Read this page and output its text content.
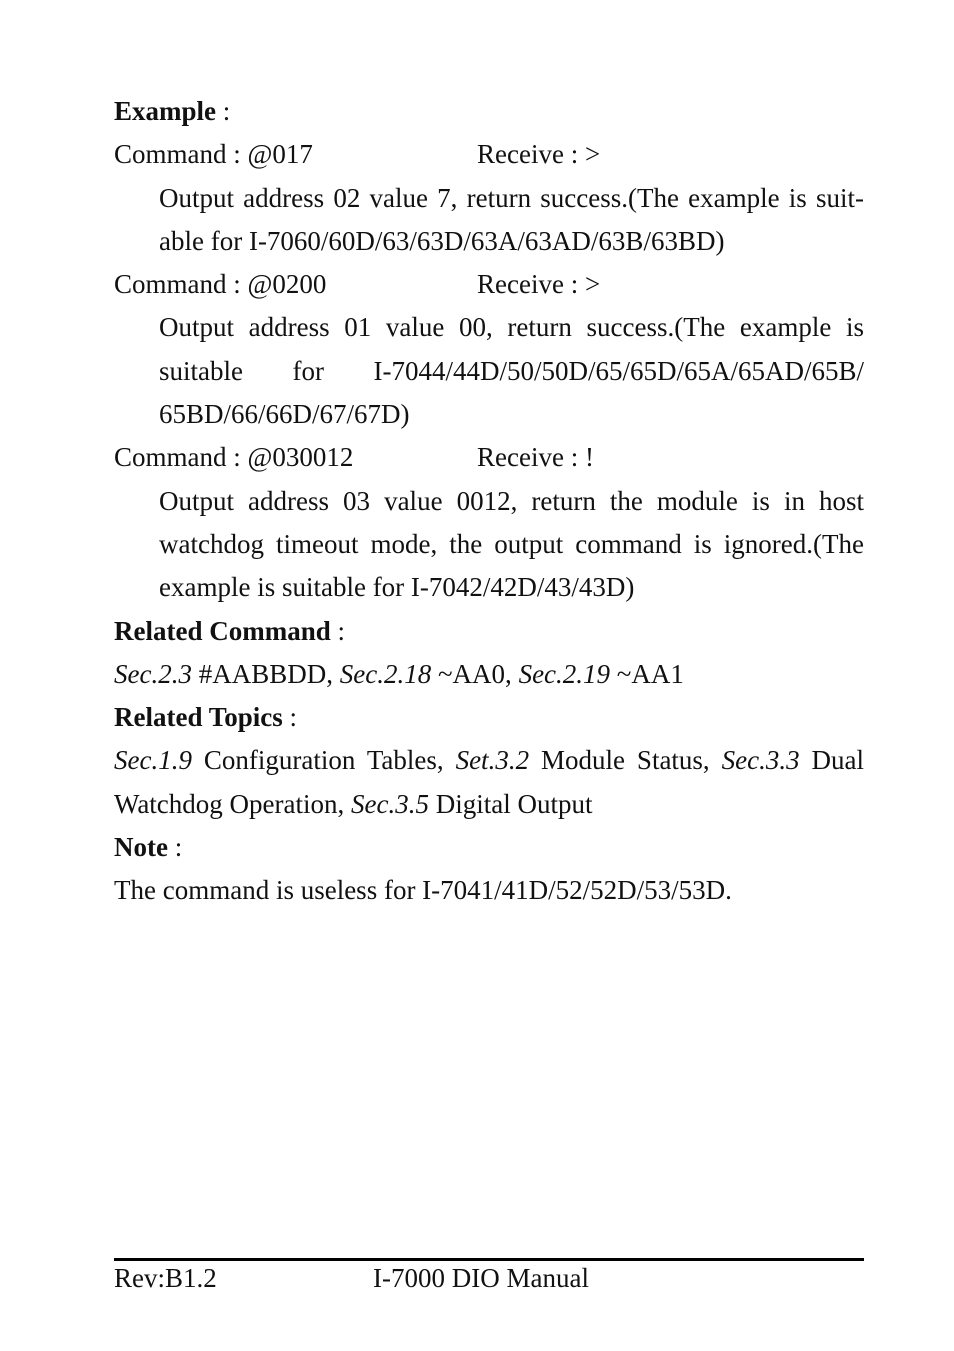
Example :
Command : @017	Receive : >
Output address 02 value 7, return success.(The example is suit-
able for I-7060/60D/63/63D/63A/63AD/63B/63BD)
Command : @0200	Receive : >
Output address 01 value 00, return success.(The example is
suitable for I-7044/44D/50/50D/65/65D/65A/65AD/65B/
65BD/66/66D/67/67D)
Command : @030012	Receive : !
Output address 03 value 0012, return the module is in host
watchdog timeout mode, the output command is ignored.(The
example is suitable for I-7042/42D/43/43D)
Related Command :
Sec.2.3 #AABBDD, Sec.2.18 ~AA0, Sec.2.19 ~AA1
Related Topics :
Sec.1.9 Configuration Tables, Set.3.2 Module Status, Sec.3.3 Dual
Watchdog Operation, Sec.3.5 Digital Output
Note :
The command is useless for I-7041/41D/52/52D/53/53D.
Rev:B1.2	I-7000 DIO Manual
